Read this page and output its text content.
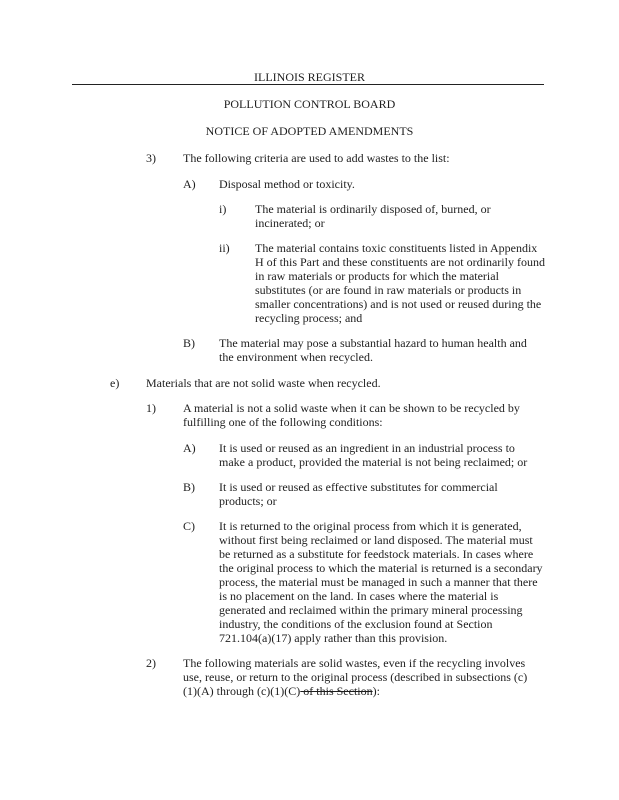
ILLINOIS REGISTER
POLLUTION CONTROL BOARD
NOTICE OF ADOPTED AMENDMENTS
3) The following criteria are used to add wastes to the list:
A) Disposal method or toxicity.
i) The material is ordinarily disposed of, burned, or incinerated; or
ii) The material contains toxic constituents listed in Appendix H of this Part and these constituents are not ordinarily found in raw materials or products for which the material substitutes (or are found in raw materials or products in smaller concentrations) and is not used or reused during the recycling process; and
B) The material may pose a substantial hazard to human health and the environment when recycled.
e) Materials that are not solid waste when recycled.
1) A material is not a solid waste when it can be shown to be recycled by fulfilling one of the following conditions:
A) It is used or reused as an ingredient in an industrial process to make a product, provided the material is not being reclaimed; or
B) It is used or reused as effective substitutes for commercial products; or
C) It is returned to the original process from which it is generated, without first being reclaimed or land disposed. The material must be returned as a substitute for feedstock materials. In cases where the original process to which the material is returned is a secondary process, the material must be managed in such a manner that there is no placement on the land. In cases where the material is generated and reclaimed within the primary mineral processing industry, the conditions of the exclusion found at Section 721.104(a)(17) apply rather than this provision.
2) The following materials are solid wastes, even if the recycling involves use, reuse, or return to the original process (described in subsections (c)(1)(A) through (c)(1)(C) of this Section):
